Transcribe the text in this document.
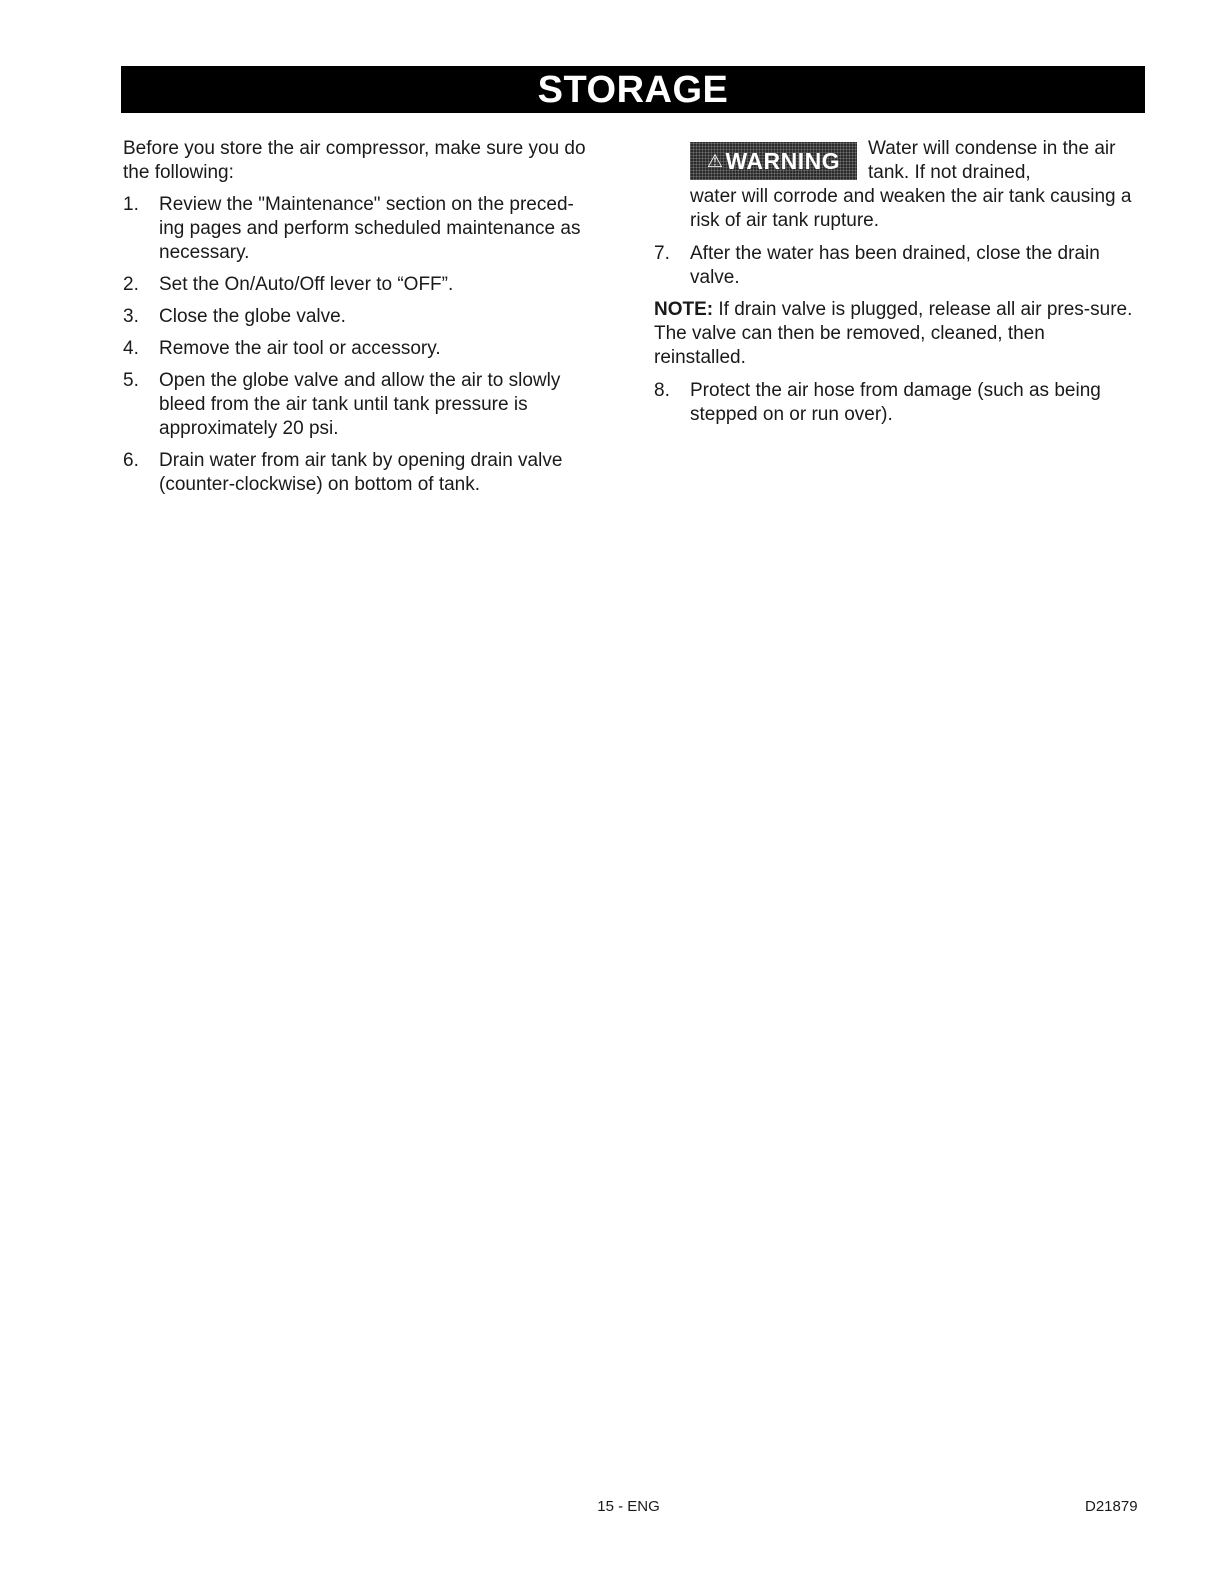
STORAGE

Before you store the air compressor, make sure you do the following:

1.	Review the "Maintenance" section on the preced-ing pages and perform scheduled maintenance as necessary.
2.	Set the On/Auto/Off lever to “OFF”.
3.	Close the globe valve.
4.	Remove the air tool or accessory.
5.	Open the globe valve and allow the air to slowly bleed from the air tank until tank pressure is approximately 20 psi.
6.	Drain water from air tank by opening drain valve (counter-clockwise) on bottom of tank.
⚠ WARNING Water will condense in the air tank. If not drained,
water will corrode and weaken the air tank causing a risk of air tank rupture.
7.	After the water has been drained, close the drain valve.

NOTE: If drain valve is plugged, release all air pres-sure. The valve can then be removed, cleaned, then reinstalled.

8.	Protect the air hose from damage (such as being stepped on or run over).
15 - ENG	D21879
